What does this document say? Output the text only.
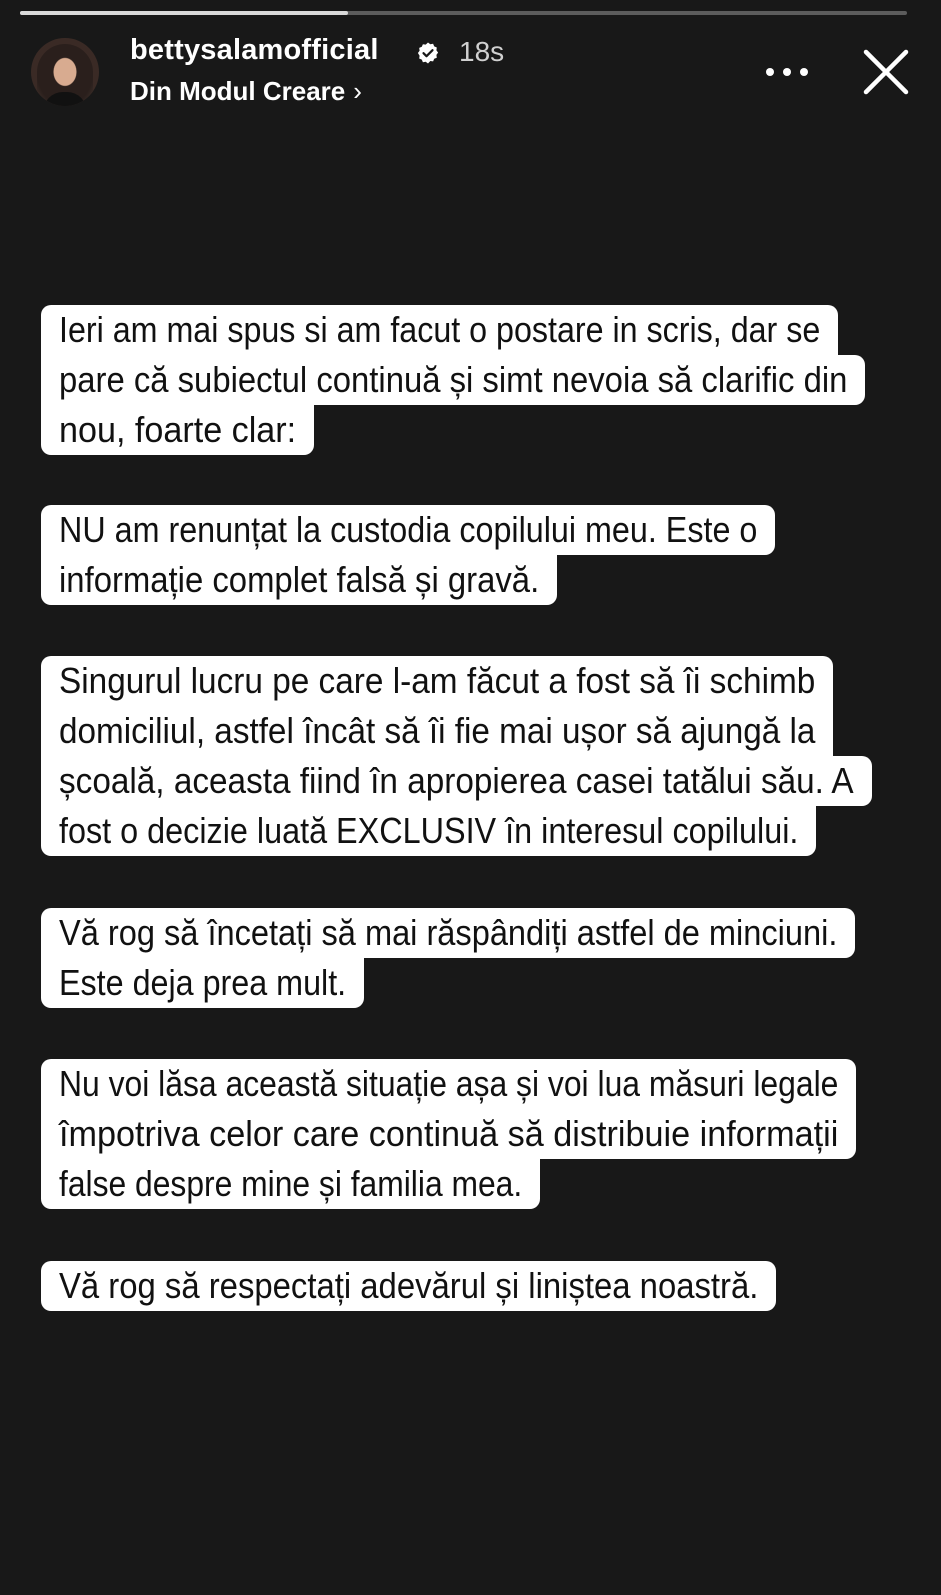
bettysalamofficial	18s
Din Modul Creare ›
Ieri am mai spus si am facut o postare in scris, dar se
pare că subiectul continuă și simt nevoia să clarific din
nou, foarte clar:
NU am renunțat la custodia copilului meu. Este o
informație complet falsă și gravă.
Singurul lucru pe care l-am făcut a fost să îi schimb
domiciliul, astfel încât să îi fie mai ușor să ajungă la
școală, aceasta fiind în apropierea casei tatălui său. A
fost o decizie luată EXCLUSIV în interesul copilului.
Vă rog să încetați să mai răspândiți astfel de minciuni.
Este deja prea mult.
Nu voi lăsa această situație așa și voi lua măsuri legale
împotriva celor care continuă să distribuie informații
false despre mine și familia mea.
Vă rog să respectați adevărul și liniștea noastră.
